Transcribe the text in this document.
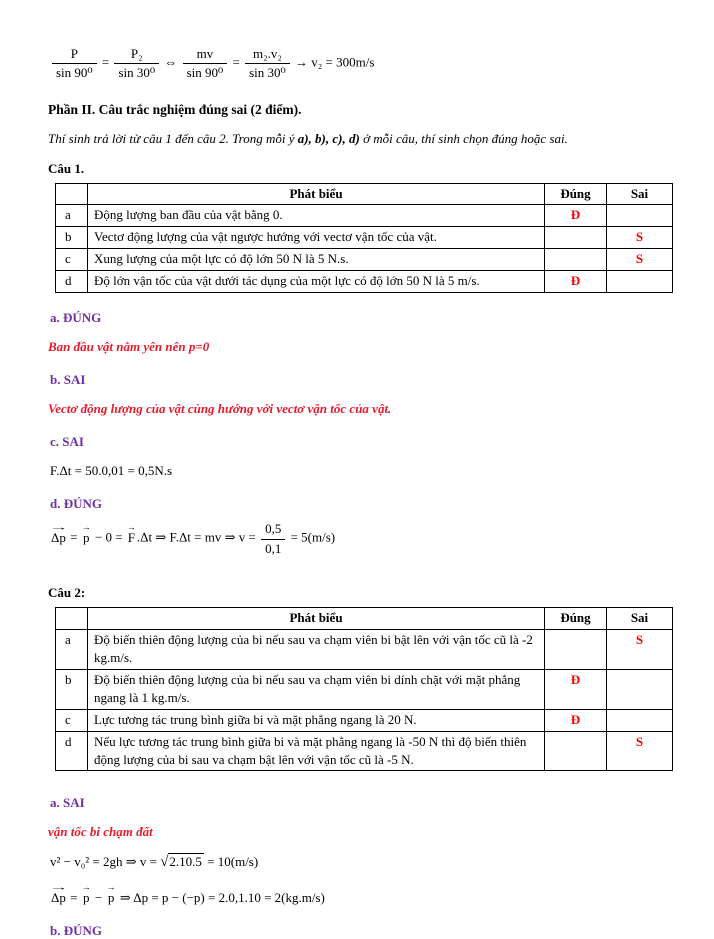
$\frac{P}{\text{sin 90⁰}} = \frac{\text{P₂}}{\text{sin 30⁰}}$ ⇔ $\frac{mv}{\text{sin 90⁰}} = \frac{\text{m₂.v₂}}{\text{sin 30⁰}} \to v_2 = 300m/s$

Phần II. Câu trắc nghiệm đúng sai (2 điểm).

Thí sinh trả lời từ câu 1 đến câu 2. Trong mỗi ý a), b), c), d) ở mỗi câu, thí sinh chọn đúng hoặc sai.

Câu 1.

	Phát biểu	Đúng	Sai
a	Động lượng ban đầu của vật bằng 0.	Đ	
b	Vectơ động lượng của vật ngược hướng với vectơ vận tốc của vật.		S
c	Xung lượng của một lực có độ lớn 50 N là 5 N.s.		S
d	Độ lớn vận tốc của vật dưới tác dụng của một lực có độ lớn 50 N là 5 m/s.	Đ	

a. ĐÚNG

Ban đầu vật nằm yên nên p=0

b. SAI

Vectơ động lượng của vật cùng hướng với vectơ vận tốc của vật.

c. SAI

F.Δt = 50.0,01 = 0,5N.s

d. ĐÚNG

→
Δp =
→
p − 0 =
→
F .Δt ⇒ F.Δt = mv ⇒ $v = \frac{0,5}{0,1} = 5(m/s)$

Câu 2:

	Phát biểu	Đúng	Sai
a	Độ biến thiên động lượng của bi nếu sau va chạm viên bi bật lên với vận tốc cũ là -2 kg.m/s.		S
b	Độ biến thiên động lượng của bi nếu sau va chạm viên bi dính chặt với mặt phẳng ngang là 1 kg.m/s.	Đ	
c	Lực tương tác trung bình giữa bi và mặt phẳng ngang là 20 N.	Đ	
d	Nếu lực tương tác trung bình giữa bi và mặt phẳng ngang là -50 N thì độ biến thiên động lượng của bi sau va chạm bật lên với vận tốc cũ là -5 N.		S

a. SAI

vận tốc bi chạm đất

v² − v₀² = 2gh ⇒ v = √2.10.5 = 10(m/s)
→
Δp =
→
p −
→
p ⇒ Δp = p − (−p) = 2.0,1.10 = 2(kg.m/s)

b. ĐÚNG
